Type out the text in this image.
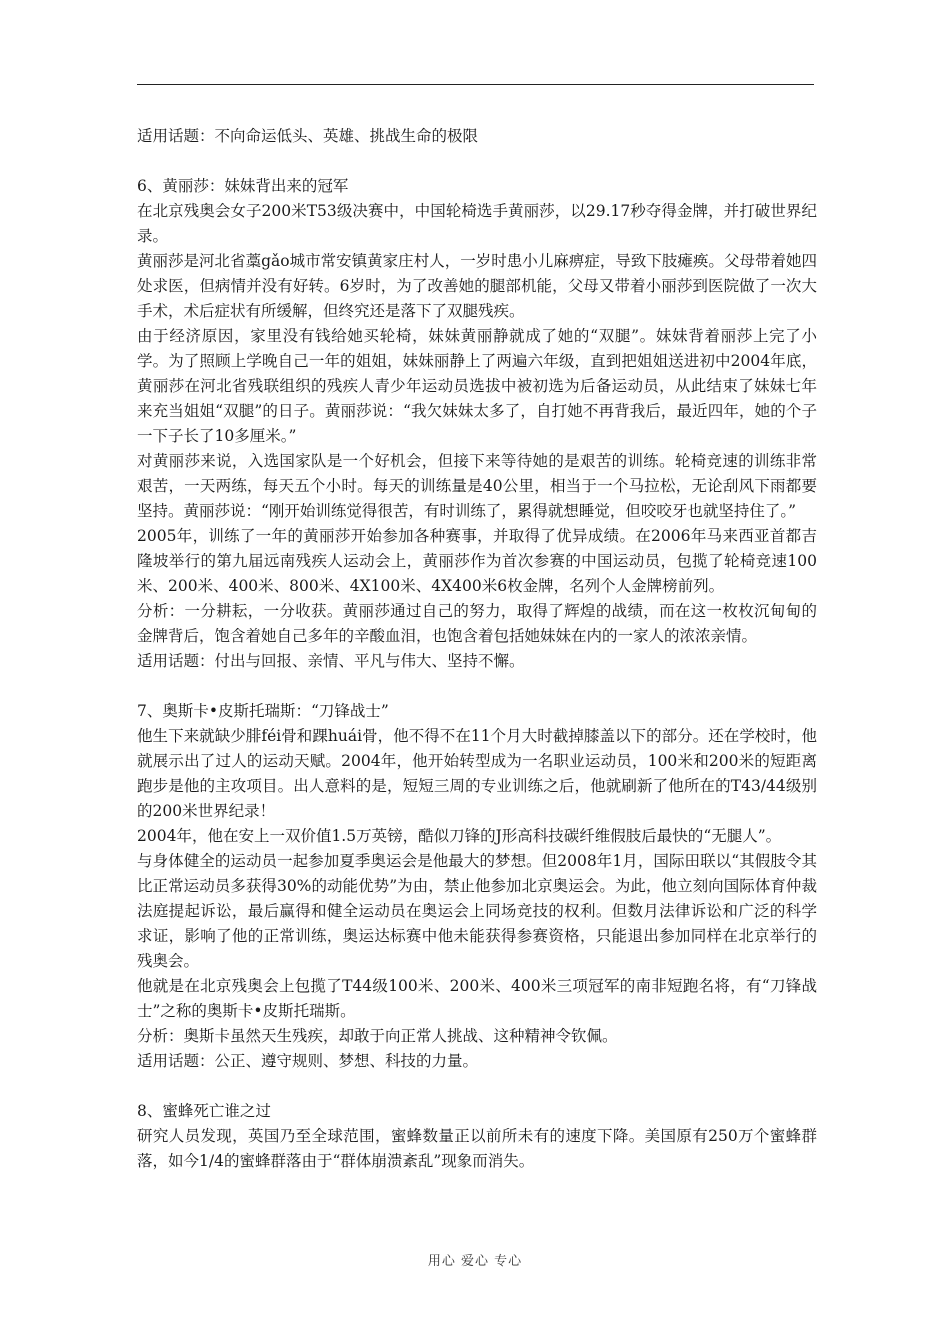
适用话题：不向命运低头、英雄、挑战生命的极限

6、黄丽莎：妹妹背出来的冠军

在北京残奥会女子200米T53级决赛中，中国轮椅选手黄丽莎，以29.17秒夺得金牌，并打破世界纪录。

黄丽莎是河北省藁gǎo城市常安镇黄家庄村人，一岁时患小儿麻痹症，导致下肢瘫痪。父母带着她四处求医，但病情并没有好转。6岁时，为了改善她的腿部机能，父母又带着小丽莎到医院做了一次大手术，术后症状有所缓解，但终究还是落下了双腿残疾。

由于经济原因，家里没有钱给她买轮椅，妹妹黄丽静就成了她的“双腿”。妹妹背着丽莎上完了小学。为了照顾上学晚自己一年的姐姐，妹妹丽静上了两遍六年级，直到把姐姐送进初中2004年底，黄丽莎在河北省残联组织的残疾人青少年运动员选拔中被初选为后备运动员，从此结束了妹妹七年来充当姐姐“双腿”的日子。黄丽莎说：“我欠妹妹太多了，自打她不再背我后，最近四年，她的个子一下子长了10多厘米。”

对黄丽莎来说，入选国家队是一个好机会，但接下来等待她的是艰苦的训练。轮椅竞速的训练非常艰苦，一天两练，每天五个小时。每天的训练量是40公里，相当于一个马拉松，无论刮风下雨都要坚持。黄丽莎说：“刚开始训练觉得很苦，有时训练了，累得就想睡觉，但咬咬牙也就坚持住了。”

2005年，训练了一年的黄丽莎开始参加各种赛事，并取得了优异成绩。在2006年马来西亚首都吉隆坡举行的第九届远南残疾人运动会上，黄丽莎作为首次参赛的中国运动员，包揽了轮椅竞速100米、200米、400米、800米、4X100米、4X400米6枚金牌，名列个人金牌榜前列。

分析：一分耕耘，一分收获。黄丽莎通过自己的努力，取得了辉煌的战绩，而在这一枚枚沉甸甸的金牌背后，饱含着她自己多年的辛酸血泪，也饱含着包括她妹妹在内的一家人的浓浓亲情。

适用话题：付出与回报、亲情、平凡与伟大、坚持不懈。

7、奥斯卡•皮斯托瑞斯：“刀锋战士”

他生下来就缺少腓féi骨和踝huái骨，他不得不在11个月大时截掉膝盖以下的部分。还在学校时，他就展示出了过人的运动天赋。2004年，他开始转型成为一名职业运动员，100米和200米的短距离跑步是他的主攻项目。出人意料的是，短短三周的专业训练之后，他就刷新了他所在的T43/44级别的200米世界纪录！

2004年，他在安上一双价值1.5万英镑，酷似刀锋的J形高科技碳纤维假肢后最快的“无腿人”。

与身体健全的运动员一起参加夏季奥运会是他最大的梦想。但2008年1月，国际田联以“其假肢令其比正常运动员多获得30%的动能优势”为由，禁止他参加北京奥运会。为此，他立刻向国际体育仲裁法庭提起诉讼，最后赢得和健全运动员在奥运会上同场竞技的权利。但数月法律诉讼和广泛的科学求证，影响了他的正常训练，奥运达标赛中他未能获得参赛资格，只能退出参加同样在北京举行的残奥会。

他就是在北京残奥会上包揽了T44级100米、200米、400米三项冠军的南非短跑名将，有“刀锋战士”之称的奥斯卡•皮斯托瑞斯。

分析：奥斯卡虽然天生残疾，却敢于向正常人挑战、这种精神令钦佩。

适用话题：公正、遵守规则、梦想、科技的力量。

8、蜜蜂死亡谁之过

研究人员发现，英国乃至全球范围，蜜蜂数量正以前所未有的速度下降。美国原有250万个蜜蜂群落，如今1/4的蜜蜂群落由于“群体崩溃紊乱”现象而消失。

用心 爱心 专心
